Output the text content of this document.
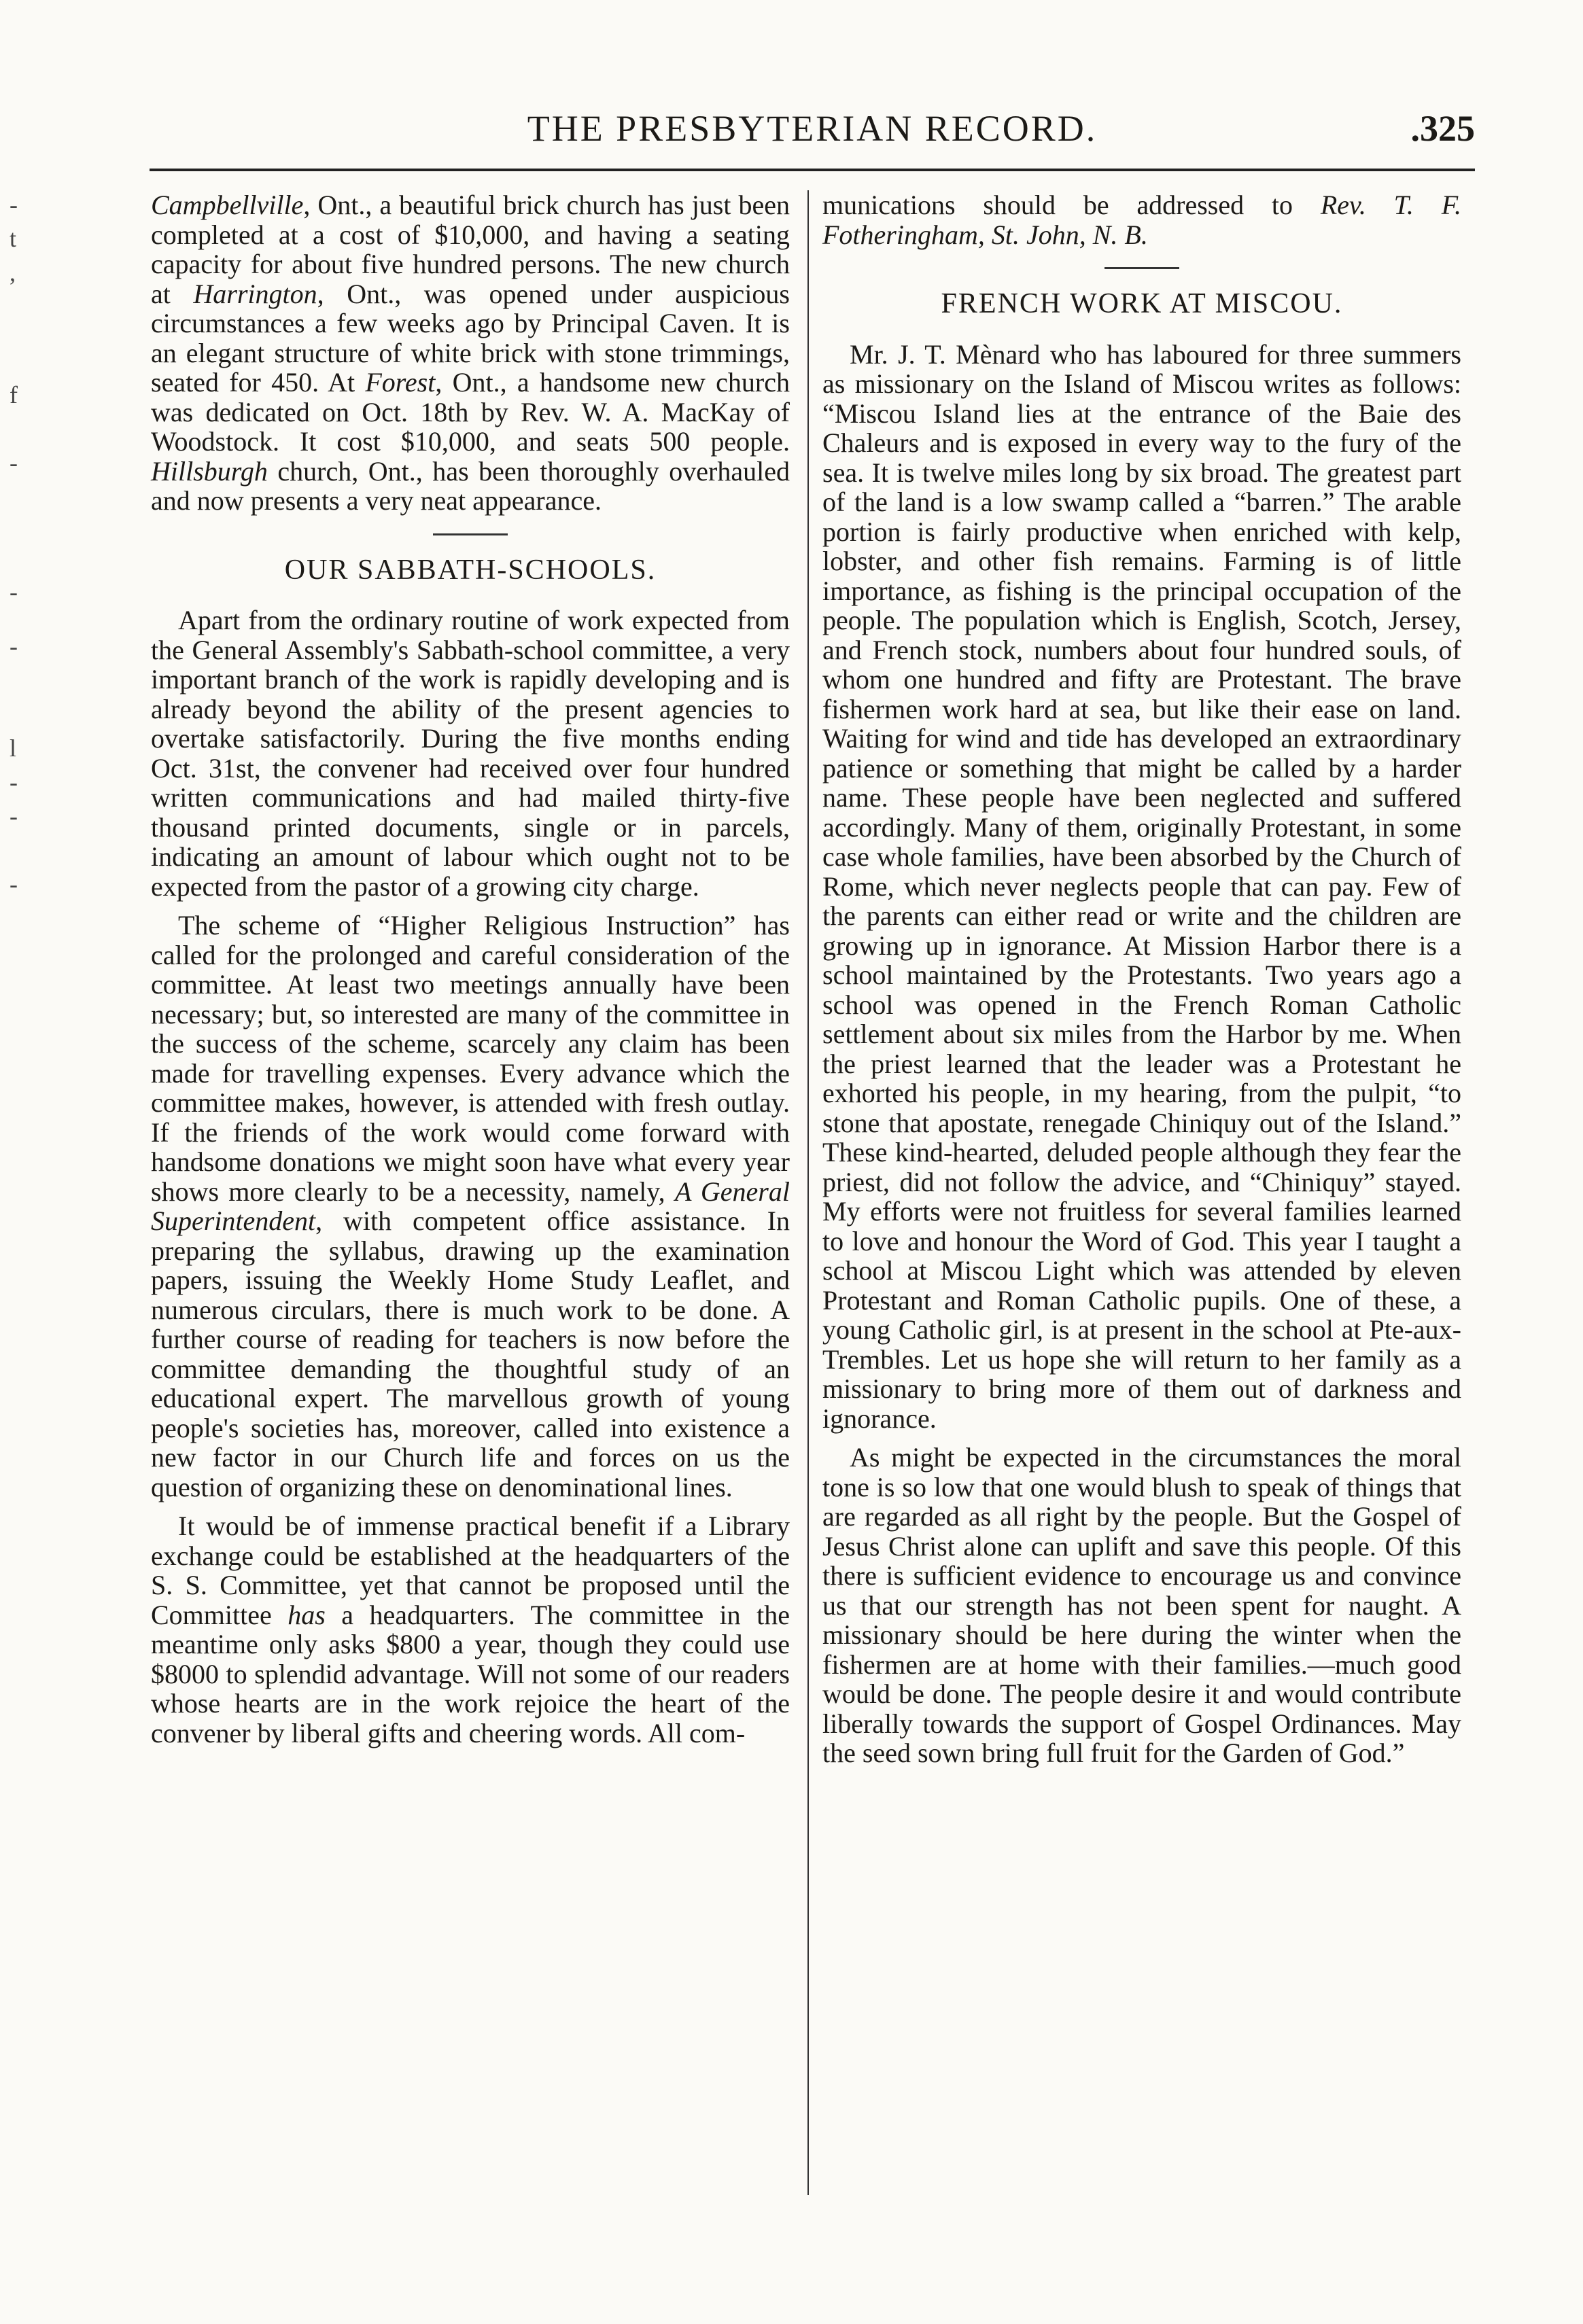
-
t
,
f
-
-
-
l
-
-
-
THE PRESBYTERIAN RECORD.	.325

Campbellville, Ont., a beautiful brick church has just been completed at a cost of $10,000, and having a seating capacity for about five hundred persons. The new church at Harrington, Ont., was opened under auspicious circumstances a few weeks ago by Principal Caven. It is an elegant structure of white brick with stone trimmings, seated for 450. At Forest, Ont., a handsome new church was dedicated on Oct. 18th by Rev. W. A. MacKay of Woodstock. It cost $10,000, and seats 500 people. Hillsburgh church, Ont., has been thoroughly overhauled and now presents a very neat appearance.

OUR SABBATH-SCHOOLS.

Apart from the ordinary routine of work expected from the General Assembly's Sabbath-school committee, a very important branch of the work is rapidly developing and is already beyond the ability of the present agencies to overtake satisfactorily. During the five months ending Oct. 31st, the convener had received over four hundred written communications and had mailed thirty-five thousand printed documents, single or in parcels, indicating an amount of labour which ought not to be expected from the pastor of a growing city charge.

The scheme of “Higher Religious Instruction” has called for the prolonged and careful consideration of the committee. At least two meetings annually have been necessary; but, so interested are many of the committee in the success of the scheme, scarcely any claim has been made for travelling expenses. Every advance which the committee makes, however, is attended with fresh outlay. If the friends of the work would come forward with handsome donations we might soon have what every year shows more clearly to be a necessity, namely, A General Superintendent, with competent office assistance. In preparing the syllabus, drawing up the examination papers, issuing the Weekly Home Study Leaflet, and numerous circulars, there is much work to be done. A further course of reading for teachers is now before the committee demanding the thoughtful study of an educational expert. The marvellous growth of young people's societies has, moreover, called into existence a new factor in our Church life and forces on us the question of organizing these on denominational lines.

It would be of immense practical benefit if a Library exchange could be established at the headquarters of the S. S. Committee, yet that cannot be proposed until the Committee has a headquarters. The committee in the meantime only asks $800 a year, though they could use $8000 to splendid advantage. Will not some of our readers whose hearts are in the work rejoice the heart of the convener by liberal gifts and cheering words. All com-

munications should be addressed to Rev. T. F. Fotheringham, St. John, N. B.

FRENCH WORK AT MISCOU.

Mr. J. T. Mènard who has laboured for three summers as missionary on the Island of Miscou writes as follows: “Miscou Island lies at the entrance of the Baie des Chaleurs and is exposed in every way to the fury of the sea. It is twelve miles long by six broad. The greatest part of the land is a low swamp called a “barren.” The arable portion is fairly productive when enriched with kelp, lobster, and other fish remains. Farming is of little importance, as fishing is the principal occupation of the people. The population which is English, Scotch, Jersey, and French stock, numbers about four hundred souls, of whom one hundred and fifty are Protestant. The brave fishermen work hard at sea, but like their ease on land. Waiting for wind and tide has developed an extraordinary patience or something that might be called by a harder name. These people have been neglected and suffered accordingly. Many of them, originally Protestant, in some case whole families, have been absorbed by the Church of Rome, which never neglects people that can pay. Few of the parents can either read or write and the children are growing up in ignorance. At Mission Harbor there is a school maintained by the Protestants. Two years ago a school was opened in the French Roman Catholic settlement about six miles from the Harbor by me. When the priest learned that the leader was a Protestant he exhorted his people, in my hearing, from the pulpit, “to stone that apostate, renegade Chiniquy out of the Island.” These kind-hearted, deluded people although they fear the priest, did not follow the advice, and “Chiniquy” stayed. My efforts were not fruitless for several families learned to love and honour the Word of God. This year I taught a school at Miscou Light which was attended by eleven Protestant and Roman Catholic pupils. One of these, a young Catholic girl, is at present in the school at Pte-aux-Trembles. Let us hope she will return to her family as a missionary to bring more of them out of darkness and ignorance.

As might be expected in the circumstances the moral tone is so low that one would blush to speak of things that are regarded as all right by the people. But the Gospel of Jesus Christ alone can uplift and save this people. Of this there is sufficient evidence to encourage us and convince us that our strength has not been spent for naught. A missionary should be here during the winter when the fishermen are at home with their families.—much good would be done. The people desire it and would contribute liberally towards the support of Gospel Ordinances. May the seed sown bring full fruit for the Garden of God.”
